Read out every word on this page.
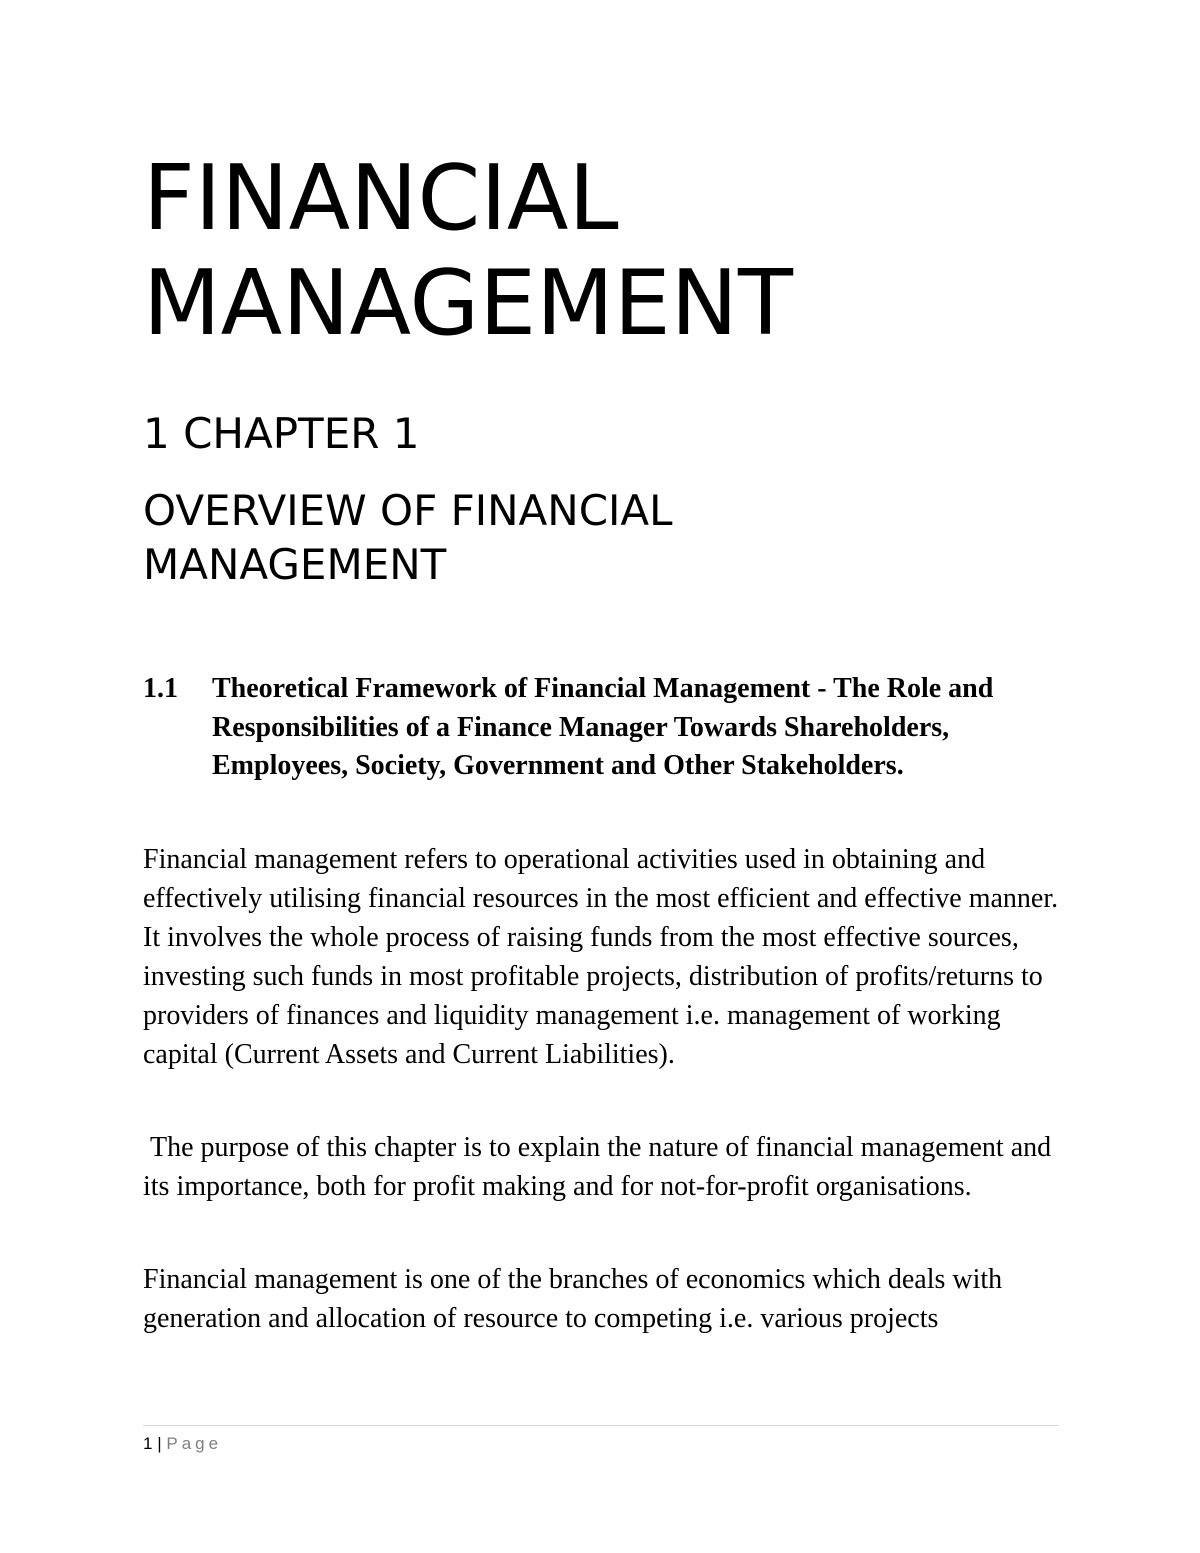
FINANCIAL
MANAGEMENT
1 CHAPTER 1
OVERVIEW OF FINANCIAL
MANAGEMENT
1.1 Theoretical Framework of Financial Management - The Role and Responsibilities of a Finance Manager Towards Shareholders, Employees, Society, Government and Other Stakeholders.

Financial management refers to operational activities used in obtaining and effectively utilising financial resources in the most efficient and effective manner. It involves the whole process of raising funds from the most effective sources, investing such funds in most profitable projects, distribution of profits/returns to providers of finances and liquidity management i.e. management of working capital (Current Assets and Current Liabilities).

The purpose of this chapter is to explain the nature of financial management and its importance, both for profit making and for not-for-profit organisations.

Financial management is one of the branches of economics which deals with generation and allocation of resource to competing i.e. various projects

1 | Page
